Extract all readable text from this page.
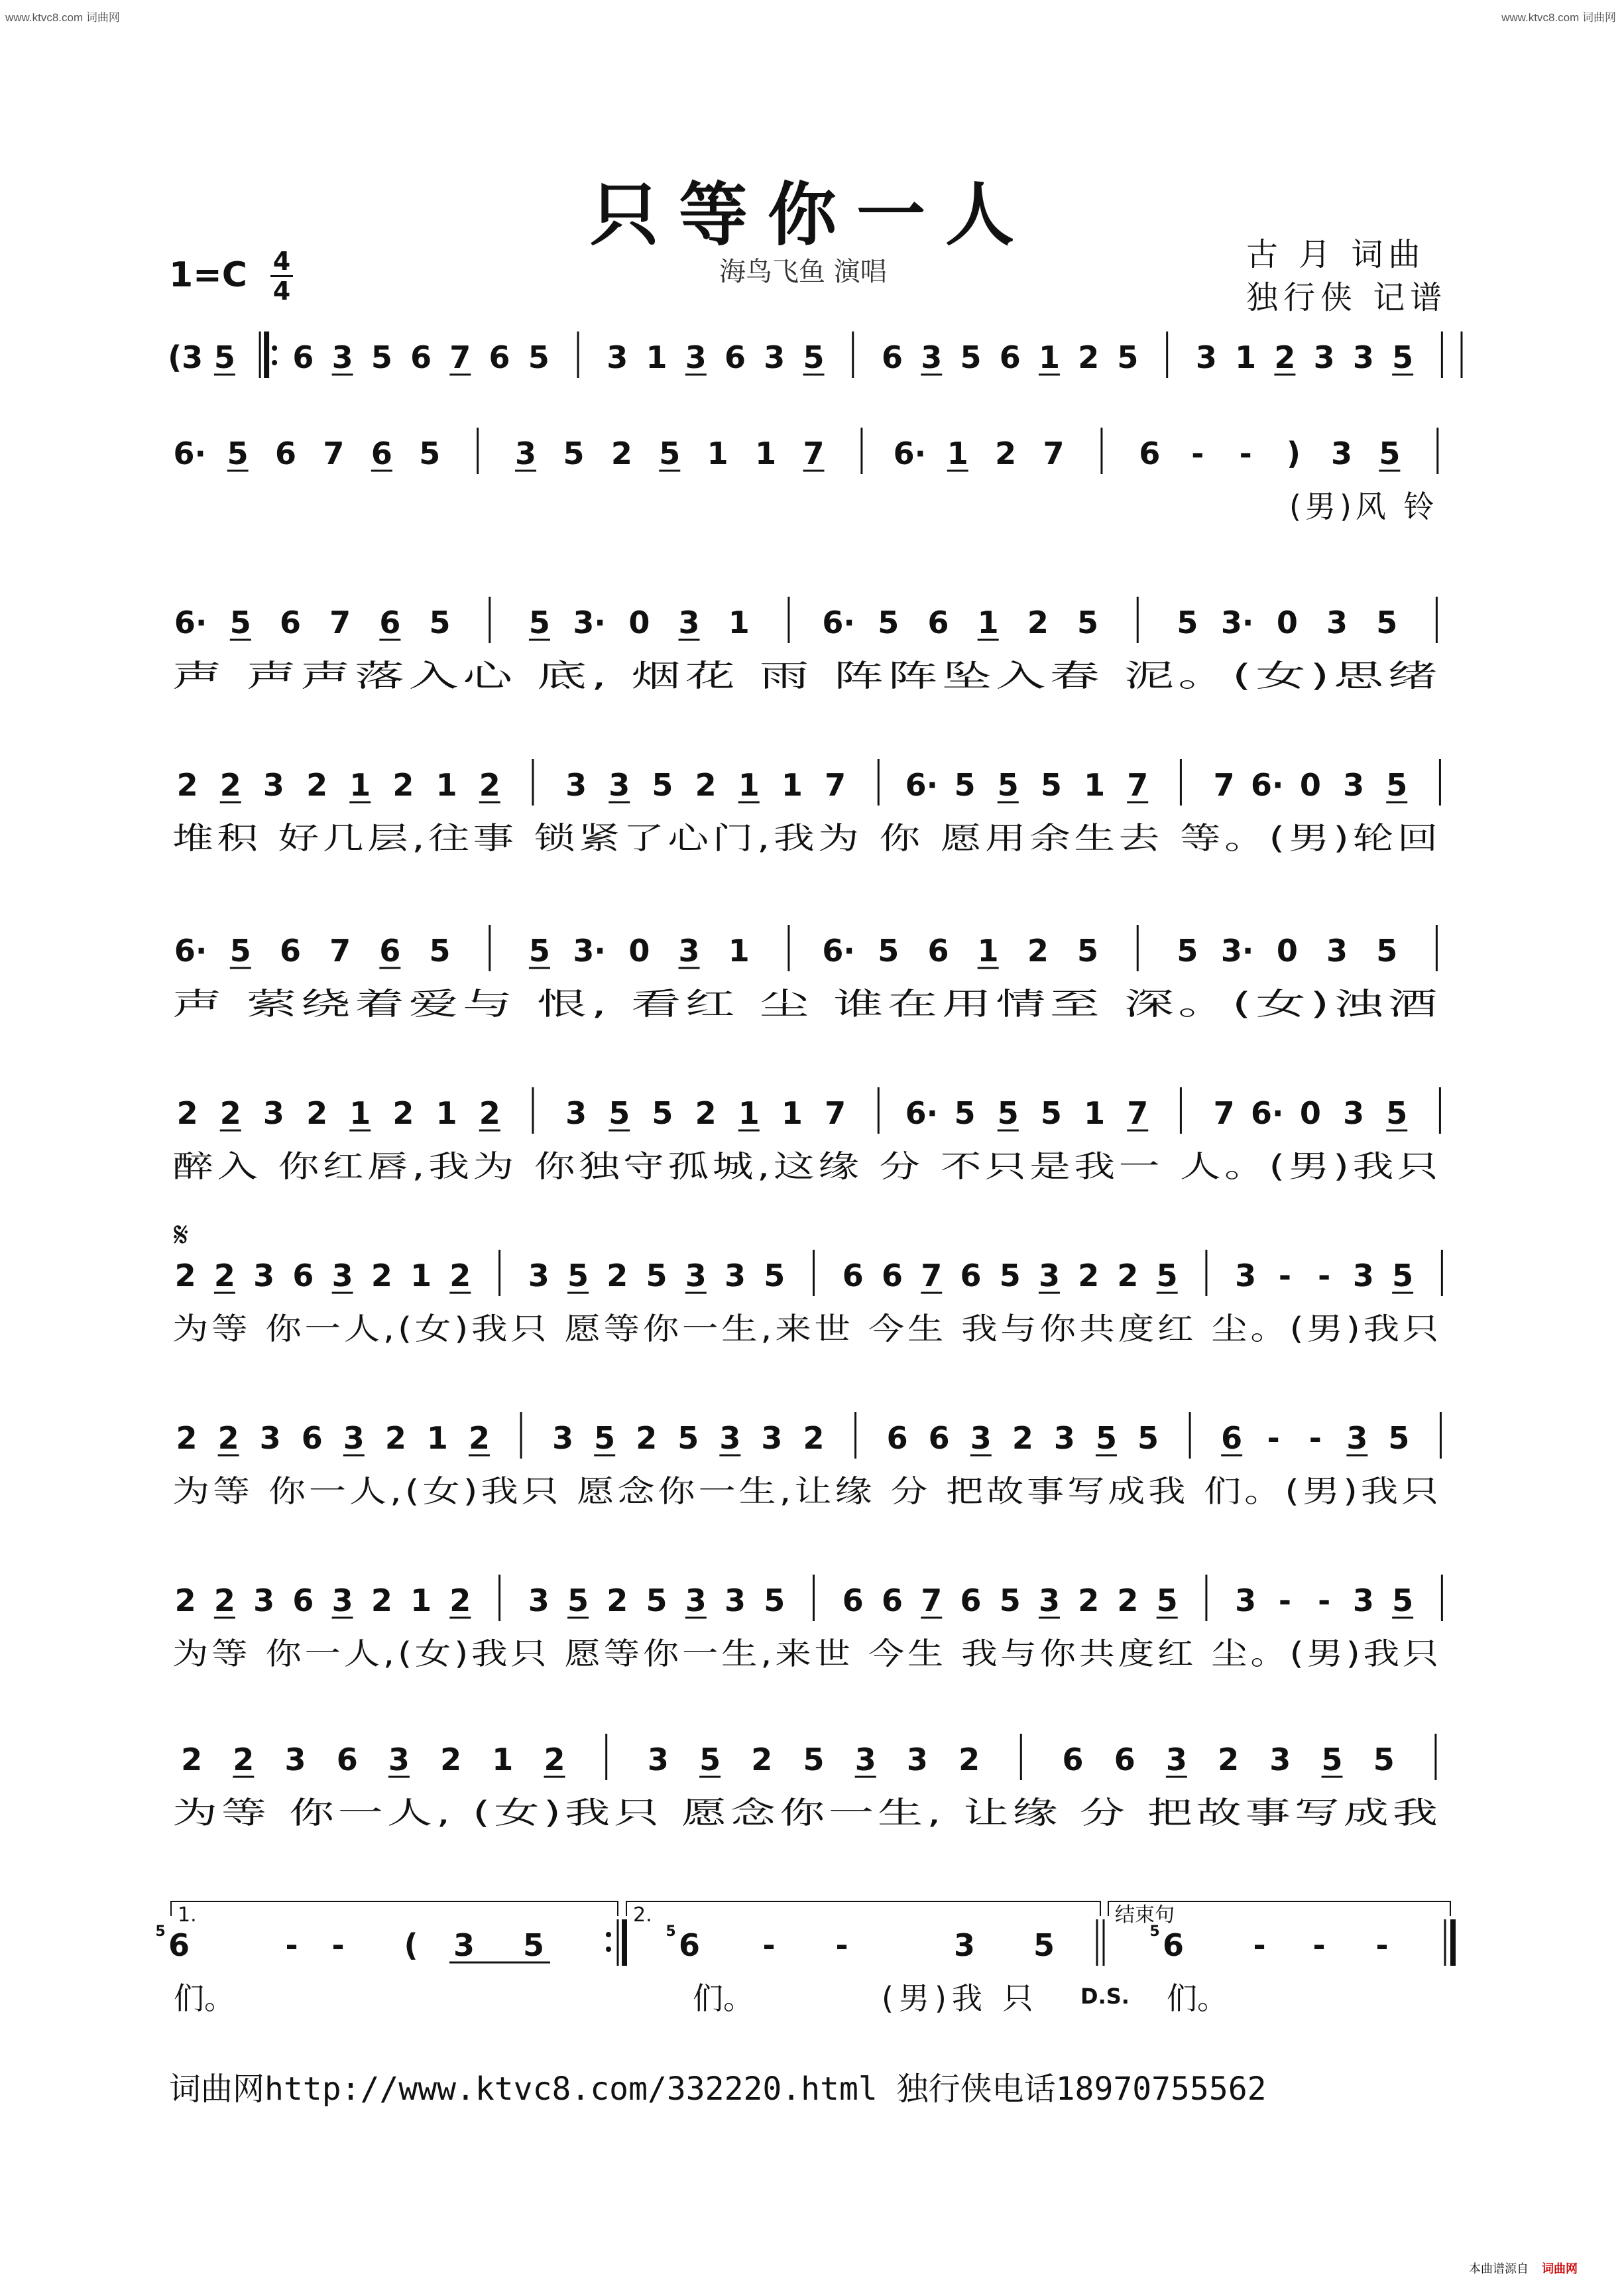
www.ktvc8.com 词曲网	www.ktvc8.com 词曲网
只等你一人
海鸟飞鱼 演唱	古 月 词曲
独行侠 记谱
1=C 4
4
(3 5 6 3 5 6 7 6 5 3 1 3 6 3 5 6 3 5 6 1 2 5 3 1 2 3 3 5
6· 5 6 7 6 5 3 5 2 5 1 1 7 6· 1 2 7 6 - - ) 3 5
(男)风 铃
6· 5 6 7 6 5	5 3· 0 3 1 6· 5 6 1 2 5	5 3· 0 3 5
声 声声落入心 底, 烟花 雨 阵阵坠入春 泥。(女)思绪
2 2 3 2 1 2 1 2 3 3 5 2 1 1 7 6· 5 5 5 1 7 7 6· 0 3 5
堆积 好几层,往事 锁紧了心门,我为 你 愿用余生去 等。(男)轮回
6· 5 6 7 6 5	5 3· 0 3 1 6· 5 6 1 2 5	5 3· 0 3 5
声 萦绕着爱与 恨, 看红 尘 谁在用情至 深。(女)浊酒
2 2 3 2 1 2 1 2 3 5 5 2 1 1 7 6· 5 5 5 1 7 7 6· 0 3 5
醉入 你红唇,我为 你独守孤城,这缘 分 不只是我一 人。(男)我只
2 2 3 6 3 2 1 2 3 5 2 5 3 3 5 6 6 7 6 5 3 2 2 5 3 - - 3 5
为等 你一人,(女)我只 愿等你一生,来世 今生 我与你共度红 尘。(男)我只
2 2 3 6 3 2 1 2 3 5 2 5 3 3 2 6 6 3 2 3 5 5 6 - - 3 5
为等 你一人,(女)我只 愿念你一生,让缘 分 把故事写成我 们。(男)我只
2 2 3 6 3 2 1 2 3 5 2 5 3 3 5 6 6 7 6 5 3 2 2 5 3 - - 3 5
为等 你一人,(女)我只 愿等你一生,来世 今生 我与你共度红 尘。(男)我只
2 2 3 6 3 2 1 2	3 5 2 5 3 3 2	6 6 3 2 3 5 5
为等 你一人, (女)我只 愿念你一生, 让缘 分 把故事写成我
𝄋
1.	2.	结束句
6
5	- - ( 3 5	6
5	- -	3 5	6
5	- - -
们。	们。	(男)我 只 D.S. 们。
词曲网http://www.ktvc8.com/332220.html 独行侠电话18970755562
本曲谱源自 词曲网
